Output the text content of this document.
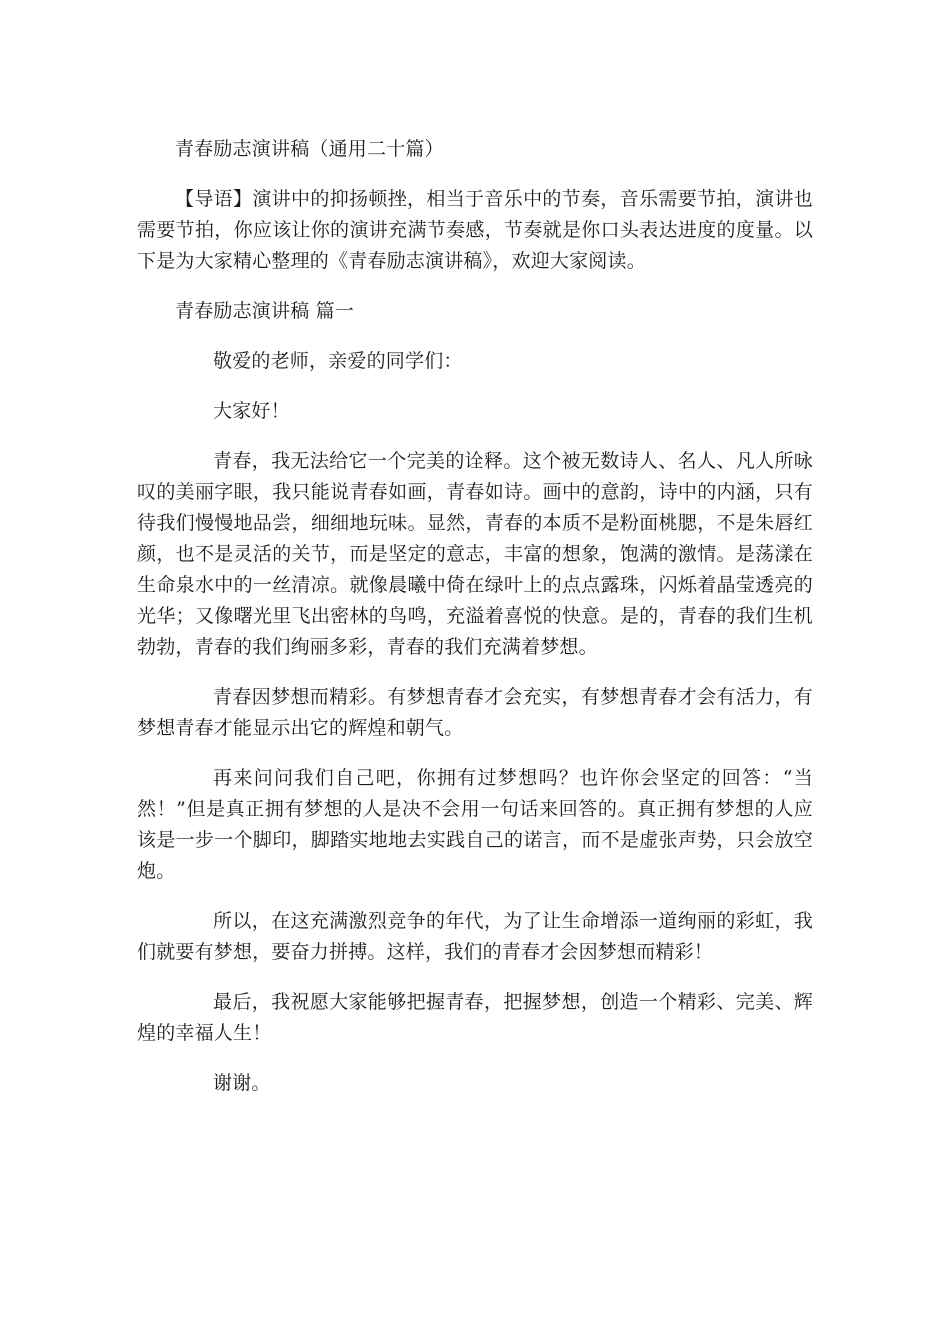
青春励志演讲稿（通用二十篇）

【导语】演讲中的抑扬顿挫，相当于音乐中的节奏，音乐需要节拍，演讲也需要节拍，你应该让你的演讲充满节奏感，节奏就是你口头表达进度的度量。以下是为大家精心整理的《青春励志演讲稿》，欢迎大家阅读。

青春励志演讲稿 篇一

敬爱的老师，亲爱的同学们：

大家好！

青春，我无法给它一个完美的诠释。这个被无数诗人、名人、凡人所咏叹的美丽字眼，我只能说青春如画，青春如诗。画中的意韵，诗中的内涵，只有待我们慢慢地品尝，细细地玩味。显然，青春的本质不是粉面桃腮，不是朱唇红颜，也不是灵活的关节，而是坚定的意志，丰富的想象，饱满的激情。是荡漾在生命泉水中的一丝清凉。就像晨曦中倚在绿叶上的点点露珠，闪烁着晶莹透亮的光华；又像曙光里飞出密林的鸟鸣，充溢着喜悦的快意。是的，青春的我们生机勃勃，青春的我们绚丽多彩，青春的我们充满着梦想。

青春因梦想而精彩。有梦想青春才会充实，有梦想青春才会有活力，有梦想青春才能显示出它的辉煌和朝气。

再来问问我们自己吧，你拥有过梦想吗？也许你会坚定的回答：“当然！”但是真正拥有梦想的人是决不会用一句话来回答的。真正拥有梦想的人应该是一步一个脚印，脚踏实地地去实践自己的诺言，而不是虚张声势，只会放空炮。

所以，在这充满激烈竞争的年代，为了让生命增添一道绚丽的彩虹，我们就要有梦想，要奋力拼搏。这样，我们的青春才会因梦想而精彩！

最后，我祝愿大家能够把握青春，把握梦想，创造一个精彩、完美、辉煌的幸福人生！

谢谢。
